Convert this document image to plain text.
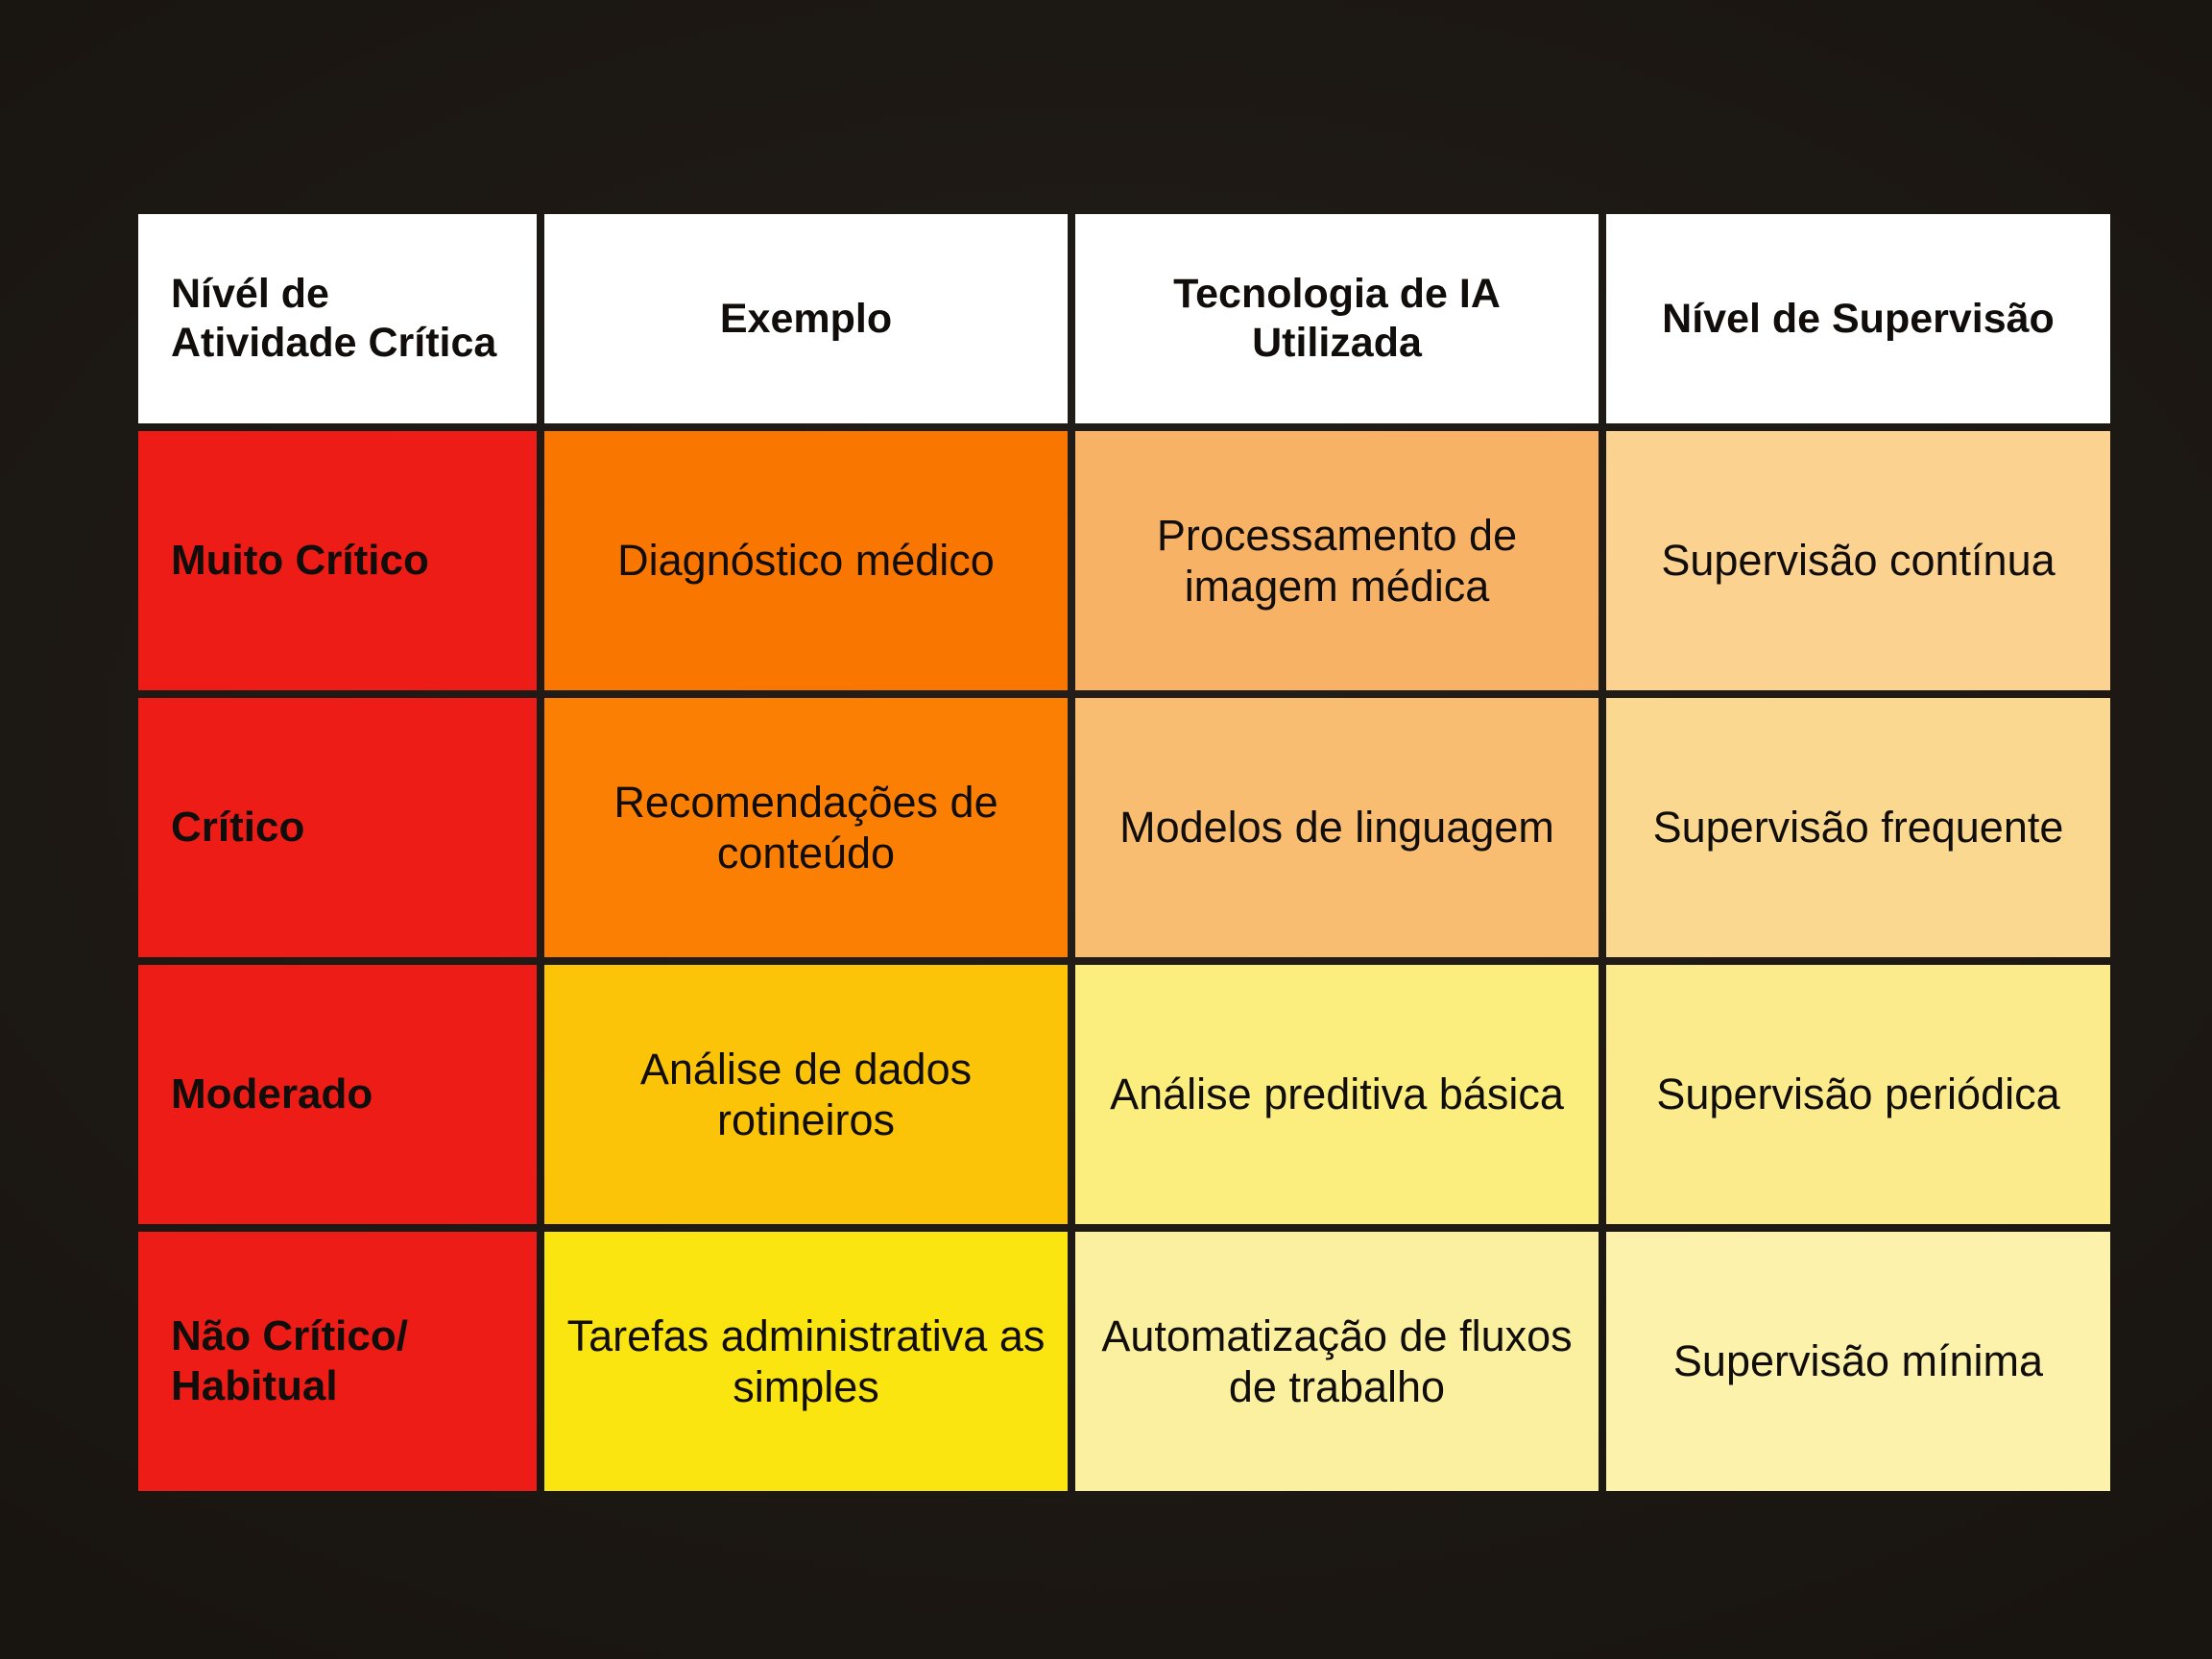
Nívél de Atividade Crítica	Exemplo	Tecnologia de IA Utilizada	Nível de Supervisão
Muito Crítico	Diagnóstico médico	Processamento de imagem médica	Supervisão contínua
Crítico	Recomendações de conteúdo	Modelos de linguagem	Supervisão frequente
Moderado	Análise de dados rotineiros	Análise preditiva básica	Supervisão periódica
Não Crítico/ Habitual	Tarefas administrativa as simples	Automatização de fluxos de trabalho	Supervisão mínima
